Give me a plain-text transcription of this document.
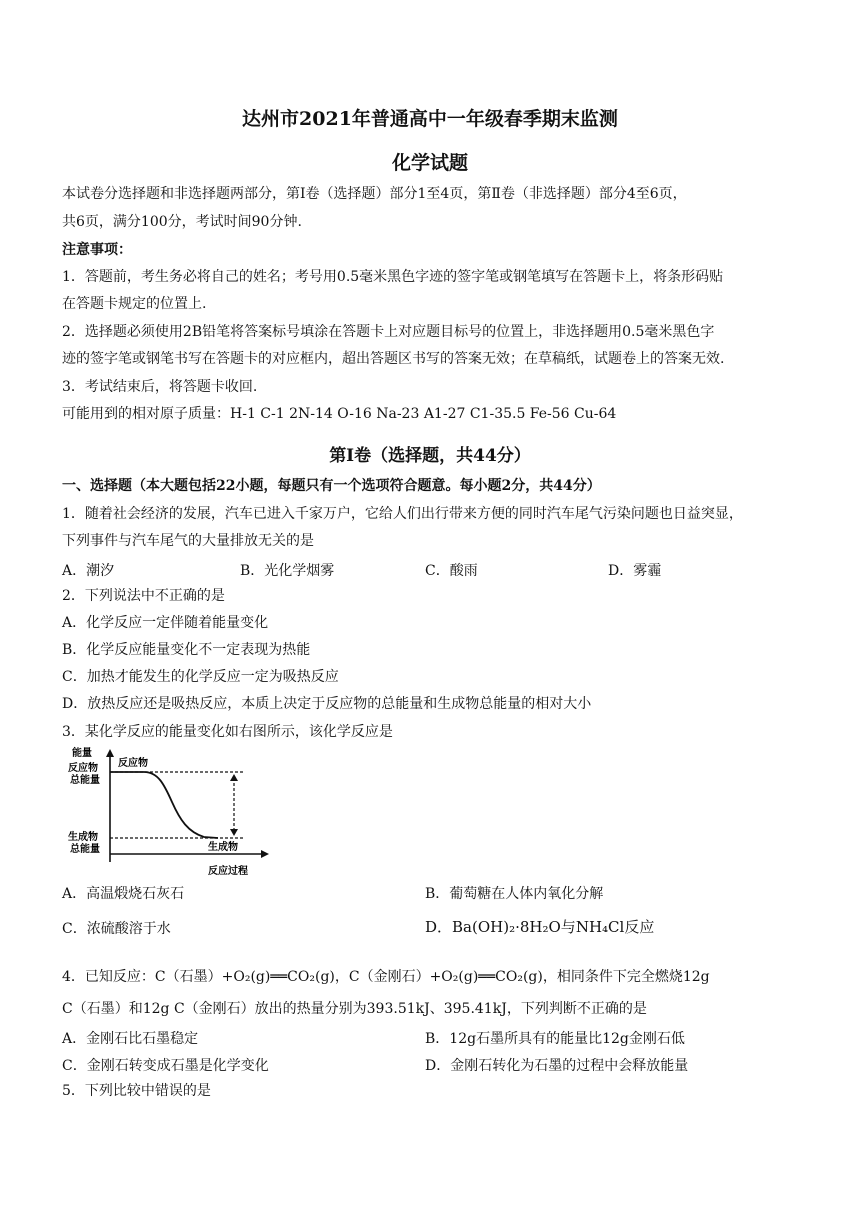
达州市2021年普通高中一年级春季期末监测
化学试题
本试卷分选择题和非选择题两部分，第Ⅰ卷（选择题）部分1至4页，第Ⅱ卷（非选择题）部分4至6页，
共6页，满分100分，考试时间90分钟.
注意事项：
1．答题前，考生务必将自己的姓名；考号用0.5毫米黑色字迹的签字笔或钢笔填写在答题卡上，将条形码贴
在答题卡规定的位置上.
2．选择题必须使用2B铅笔将答案标号填涂在答题卡上对应题目标号的位置上，非选择题用0.5毫米黑色字
迹的签字笔或钢笔书写在答题卡的对应框内，超出答题区书写的答案无效；在草稿纸，试题卷上的答案无效.
3．考试结束后，将答题卡收回.
可能用到的相对原子质量：H-1 C-1 2N-14 O-16 Na-23 A1-27 C1-35.5 Fe-56 Cu-64
第Ⅰ卷（选择题，共44分）
一、选择题（本大题包括22小题，每题只有一个选项符合题意。每小题2分，共44分）
1．随着社会经济的发展，汽车已进入千家万户，它给人们出行带来方便的同时汽车尾气污染问题也日益突显，
下列事件与汽车尾气的大量排放无关的是
A．潮汐	B．光化学烟雾	C．酸雨	D．雾霾
2．下列说法中不正确的是
A．化学反应一定伴随着能量变化
B．化学反应能量变化不一定表现为热能
C．加热才能发生的化学反应一定为吸热反应
D．放热反应还是吸热反应，本质上决定于反应物的总能量和生成物总能量的相对大小
3．某化学反应的能量变化如右图所示，该化学反应是
能量
反应物
总能量
反应物
生成物
总能量	生成物
反应过程
A．高温煅烧石灰石	B．葡萄糖在人体内氧化分解
C．浓硫酸溶于水	D．Ba(OH)₂·8H₂O与NH₄Cl反应
4．已知反应：C（石墨）+O₂(g)══CO₂(g)，C（金刚石）+O₂(g)══CO₂(g)，相同条件下完全燃烧12g
C（石墨）和12g C（金刚石）放出的热量分别为393.51kJ、395.41kJ，下列判断不正确的是
A．金刚石比石墨稳定	B．12g石墨所具有的能量比12g金刚石低
C．金刚石转变成石墨是化学变化	D．金刚石转化为石墨的过程中会释放能量
5．下列比较中错误的是
